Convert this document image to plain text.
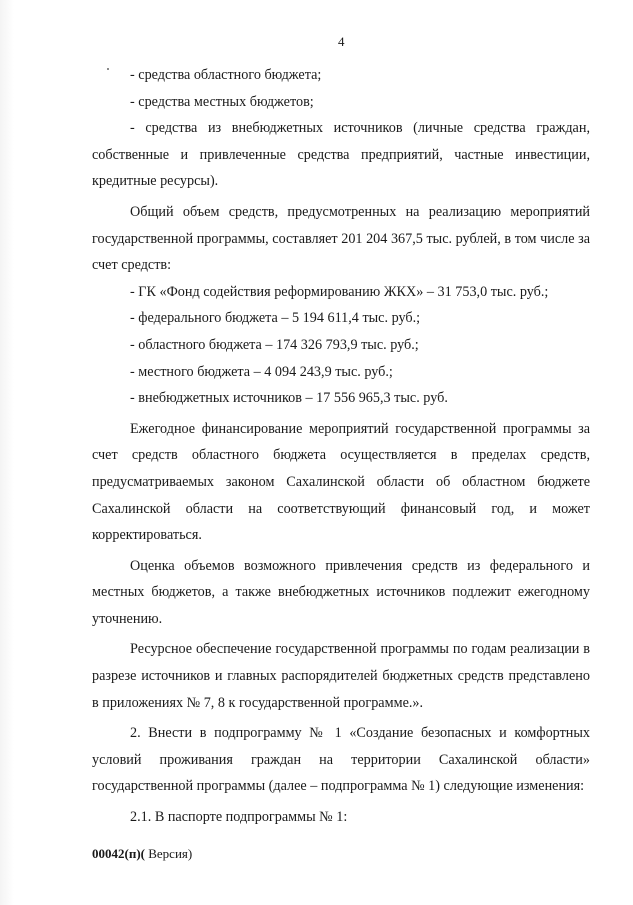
4

- средства областного бюджета;

- средства местных бюджетов;

- средства из внебюджетных источников (личные средства граждан, собственные и привлеченные средства предприятий, частные инвестиции, кредитные ресурсы).

Общий объем средств, предусмотренных на реализацию мероприятий государственной программы, составляет 201 204 367,5 тыс. рублей, в том числе за счет средств:

- ГК «Фонд содействия реформированию ЖКХ» – 31 753,0 тыс. руб.;

- федерального бюджета – 5 194 611,4 тыс. руб.;

- областного бюджета – 174 326 793,9 тыс. руб.;

- местного бюджета – 4 094 243,9 тыс. руб.;

- внебюджетных источников – 17 556 965,3 тыс. руб.

Ежегодное финансирование мероприятий государственной программы за счет средств областного бюджета осуществляется в пределах средств, предусматриваемых законом Сахалинской области об областном бюджете Сахалинской области на соответствующий финансовый год, и может корректироваться.

Оценка объемов возможного привлечения средств из федерального и местных бюджетов, а также внебюджетных источников подлежит ежегодному уточнению.

Ресурсное обеспечение государственной программы по годам реализации в разрезе источников и главных распорядителей бюджетных средств представлено в приложениях № 7, 8 к государственной программе.».

2. Внести в подпрограмму № 1 «Создание безопасных и комфортных условий проживания граждан на территории Сахалинской области» государственной программы (далее – подпрограмма № 1) следующие изменения:

2.1. В паспорте подпрограммы № 1:

00042(п)( Версия)
